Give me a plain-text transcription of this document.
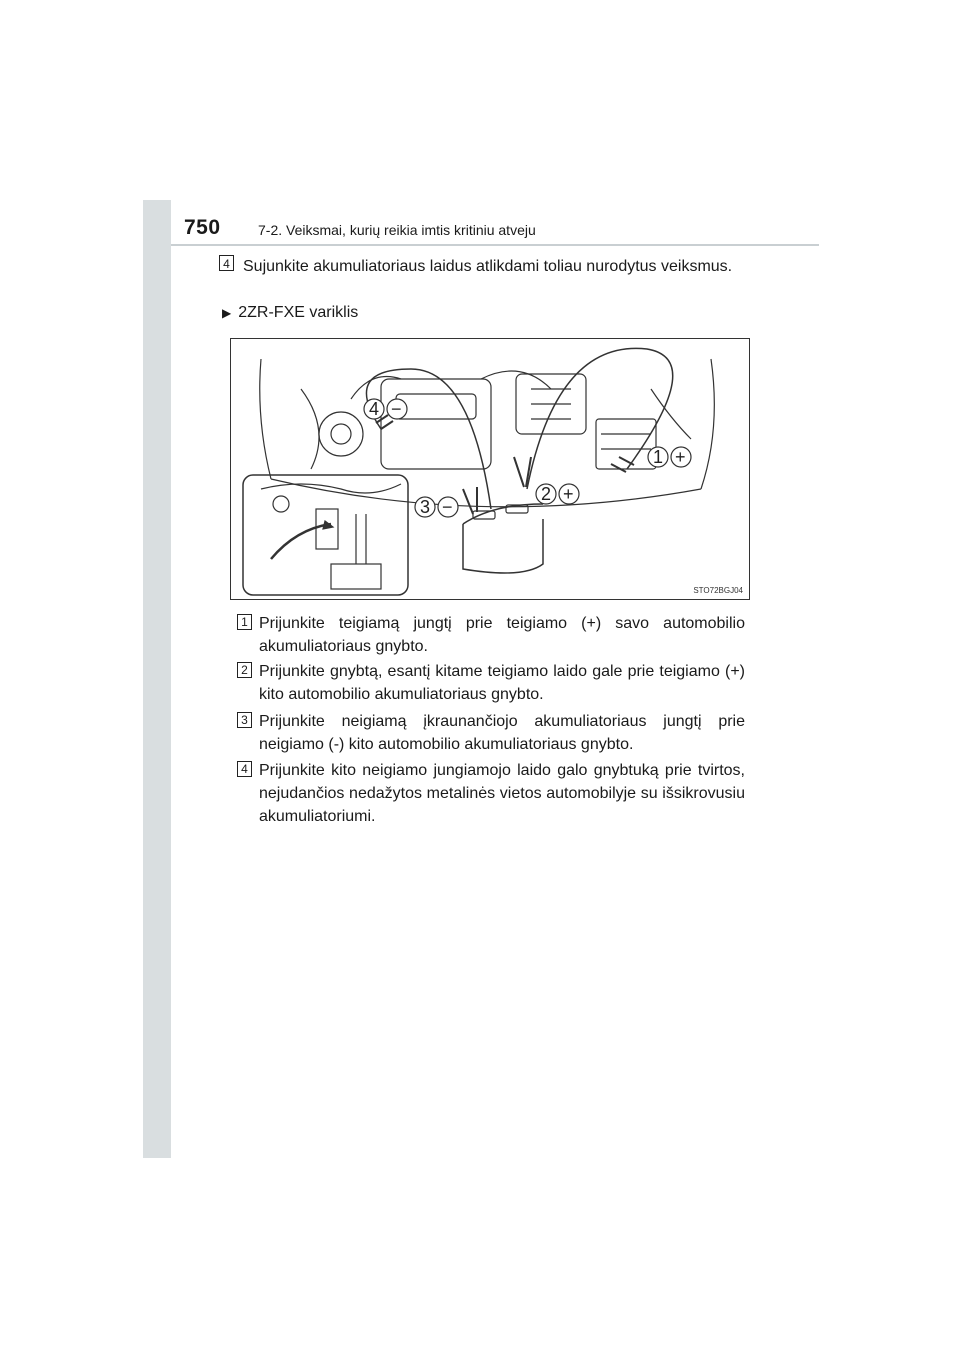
750	7-2. Veiksmai, kurių reikia imtis kritiniu atveju
4 Sujunkite akumuliatoriaus laidus atlikdami toliau nurodytus veiksmus.
▶ 2ZR-FXE variklis
1 +
2 +
3 −
4 −
STO72BGJ04
1 Prijunkite teigiamą jungtį prie teigiamo (+) savo automobilio akumuliatoriaus gnybto.
2 Prijunkite gnybtą, esantį kitame teigiamo laido gale prie teigiamo (+) kito automobilio akumuliatoriaus gnybto.
3 Prijunkite neigiamą įkraunančiojo akumuliatoriaus jungtį prie neigiamo (-) kito automobilio akumuliatoriaus gnybto.
4 Prijunkite kito neigiamo jungiamojo laido galo gnybtuką prie tvirtos, nejudančios nedažytos metalinės vietos automobilyje su išsikrovusiu akumuliatoriumi.
